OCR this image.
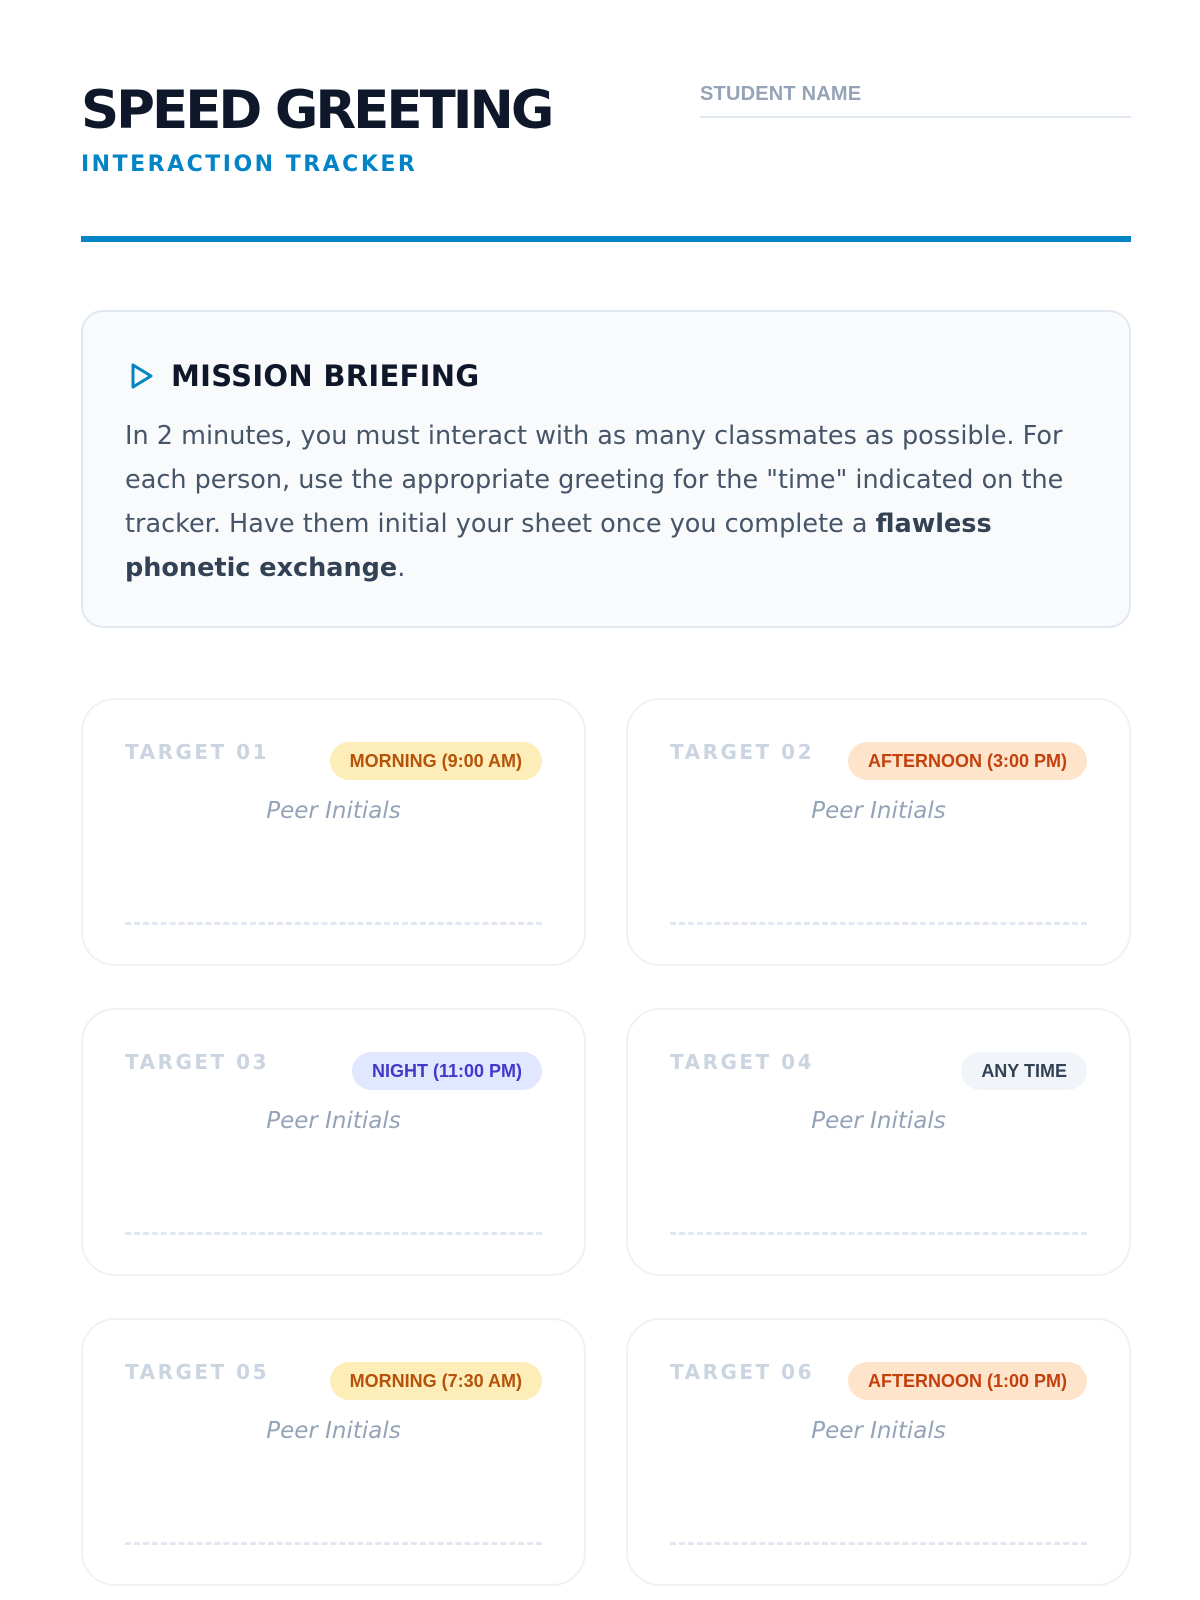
SPEED GREETING
INTERACTION TRACKER
STUDENT NAME
MISSION BRIEFING

In 2 minutes, you must interact with as many classmates as possible. For each person, use the appropriate greeting for the "time" indicated on the tracker. Have them initial your sheet once you complete a flawless phonetic exchange.

TARGET 01	MORNING (9:00 AM)
Peer Initials
TARGET 02	AFTERNOON (3:00 PM)
Peer Initials
TARGET 03	NIGHT (11:00 PM)
Peer Initials
TARGET 04	ANY TIME
Peer Initials
TARGET 05	MORNING (7:30 AM)
Peer Initials
TARGET 06	AFTERNOON (1:00 PM)
Peer Initials
